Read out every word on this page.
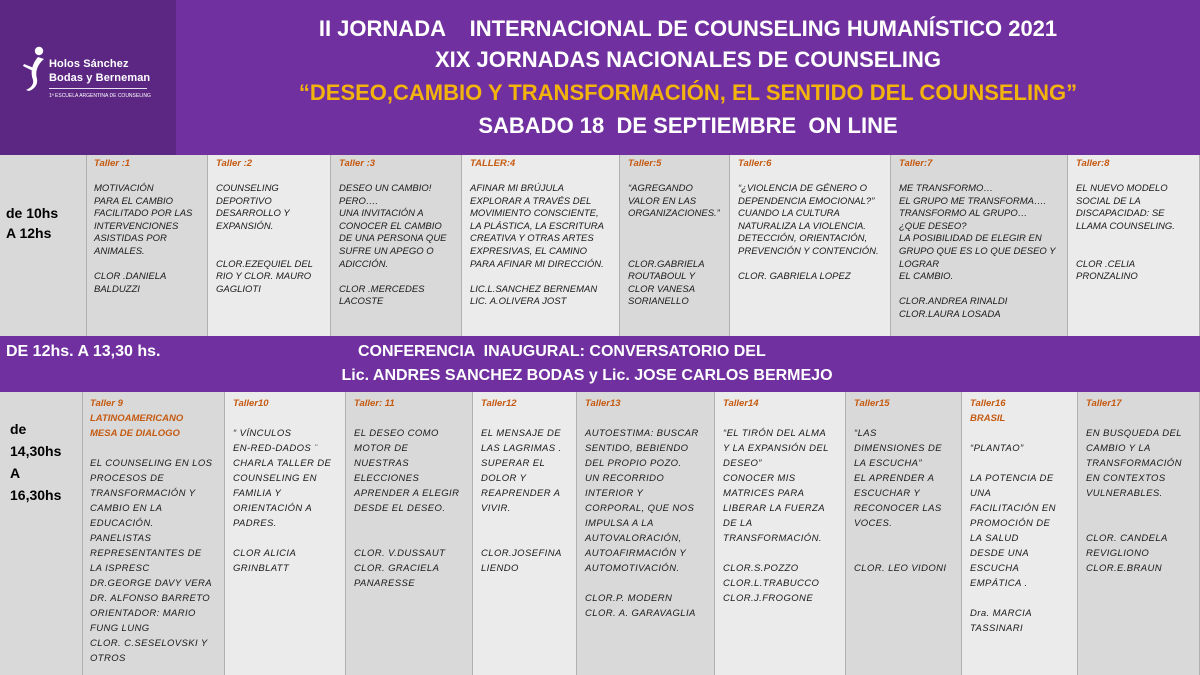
Holos Sánchez
Bodas y Berneman
1ª ESCUELA ARGENTINA DE COUNSELING
II JORNADA    INTERNACIONAL DE COUNSELING HUMANÍSTICO 2021
XIX JORNADAS NACIONALES DE COUNSELING
“DESEO,CAMBIO Y TRANSFORMACIÓN, EL SENTIDO DEL COUNSELING”
SABADO 18  DE SEPTIEMBRE  ON LINE
de 10hs
A 12hs
Taller :1
MOTIVACIÓN
PARA EL CAMBIO
FACILITADO POR LAS
INTERVENCIONES
ASISTIDAS POR
ANIMALES.

CLOR .DANIELA
BALDUZZI
Taller :2
COUNSELING
DEPORTIVO
DESARROLLO Y
EXPANSIÓN.

CLOR.EZEQUIEL DEL
RIO Y CLOR. MAURO
GAGLIOTI
Taller :3
DESEO UN CAMBIO!
PERO….
UNA INVITACIÓN A
CONOCER EL CAMBIO
DE UNA PERSONA QUE
SUFRE UN APEGO O
ADICCIÓN.

CLOR .MERCEDES
LACOSTE
TALLER:4
AFINAR MI BRÚJULA
EXPLORAR A TRAVÉS DEL
MOVIMIENTO CONSCIENTE,
LA PLÁSTICA, LA ESCRITURA
CREATIVA Y OTRAS ARTES
EXPRESIVAS, EL CAMINO
PARA AFINAR MI DIRECCIÓN.

LIC.L.SANCHEZ BERNEMAN
LIC. A.OLIVERA JOST
Taller:5
“AGREGANDO
VALOR EN LAS
ORGANIZACIONES.”

CLOR.GABRIELA
ROUTABOUL Y
CLOR VANESA
SORIANELLO
Taller:6
“¿VIOLENCIA DE GÉNERO O
DEPENDENCIA EMOCIONAL?”
CUANDO LA CULTURA
NATURALIZA LA VIOLENCIA.
DETECCIÓN, ORIENTACIÓN,
PREVENCIÓN Y CONTENCIÓN.

CLOR. GABRIELA LOPEZ
Taller:7
ME TRANSFORMO…
EL GRUPO ME TRANSFORMA….
TRANSFORMO AL GRUPO…
¿QUE DESEO?
LA POSIBILIDAD DE ELEGIR EN
GRUPO QUE ES LO QUE DESEO Y
LOGRAR
EL CAMBIO.

CLOR.ANDREA RINALDI
CLOR.LAURA LOSADA
Taller:8
EL NUEVO MODELO
SOCIAL DE LA
DISCAPACIDAD: SE
LLAMA COUNSELING.

CLOR .CELIA
PRONZALINO
DE 12hs. A 13,30 hs.	CONFERENCIA  INAUGURAL: CONVERSATORIO DEL
Lic. ANDRES SANCHEZ BODAS y Lic. JOSE CARLOS BERMEJO
de
14,30hs
A
16,30hs
Taller 9
LATINOAMERICANO
MESA DE DIALOGO
EL COUNSELING EN LOS
PROCESOS DE
TRANSFORMACIÓN Y
CAMBIO EN LA
EDUCACIÓN.
PANELISTAS
REPRESENTANTES DE
LA ISPRESC
DR.GEORGE DAVY VERA
DR. ALFONSO BARRETO
ORIENTADOR: MARIO
FUNG LUNG
CLOR. C.SESELOVSKI Y
OTROS
Taller10
“ VÍNCULOS
EN-RED-DADOS ¨
CHARLA TALLER DE
COUNSELING EN
FAMILIA Y
ORIENTACIÓN A
PADRES.

CLOR ALICIA
GRINBLATT
Taller: 11
EL DESEO COMO
MOTOR DE
NUESTRAS
ELECCIONES
APRENDER A ELEGIR
DESDE EL DESEO.

CLOR. V.DUSSAUT
CLOR. GRACIELA
PANARESSE
Taller12
EL MENSAJE DE
LAS LAGRIMAS .
SUPERAR EL
DOLOR Y
REAPRENDER A
VIVIR.

CLOR.JOSEFINA
LIENDO
Taller13
AUTOESTIMA: BUSCAR
SENTIDO, BEBIENDO
DEL PROPIO POZO.
UN RECORRIDO
INTERIOR Y
CORPORAL, QUE NOS
IMPULSA A LA
AUTOVALORACIÓN,
AUTOAFIRMACIÓN Y
AUTOMOTIVACIÓN.

CLOR.P. MODERN
CLOR. A. GARAVAGLIA
Taller14
“EL TIRÓN DEL ALMA
Y LA EXPANSIÓN DEL
DESEO”
CONOCER MIS
MATRICES PARA
LIBERAR LA FUERZA
DE LA
TRANSFORMACIÓN.

CLOR.S.POZZO
CLOR.L.TRABUCCO
CLOR.J.FROGONE
Taller15
“LAS
DIMENSIONES DE
LA ESCUCHA”
EL APRENDER A
ESCUCHAR Y
RECONOCER LAS
VOCES.

CLOR. LEO VIDONI
Taller16
BRASIL
“PLANTAO”

LA POTENCIA DE
UNA
FACILITACIÓN EN
PROMOCIÓN DE
LA SALUD
DESDE UNA
ESCUCHA
EMPÁTICA .

Dra. MARCIA
TASSINARI
Taller17
EN BUSQUEDA DEL
CAMBIO Y LA
TRANSFORMACIÓN
EN CONTEXTOS
VULNERABLES.

CLOR. CANDELA
REVIGLIONO
CLOR.E.BRAUN
